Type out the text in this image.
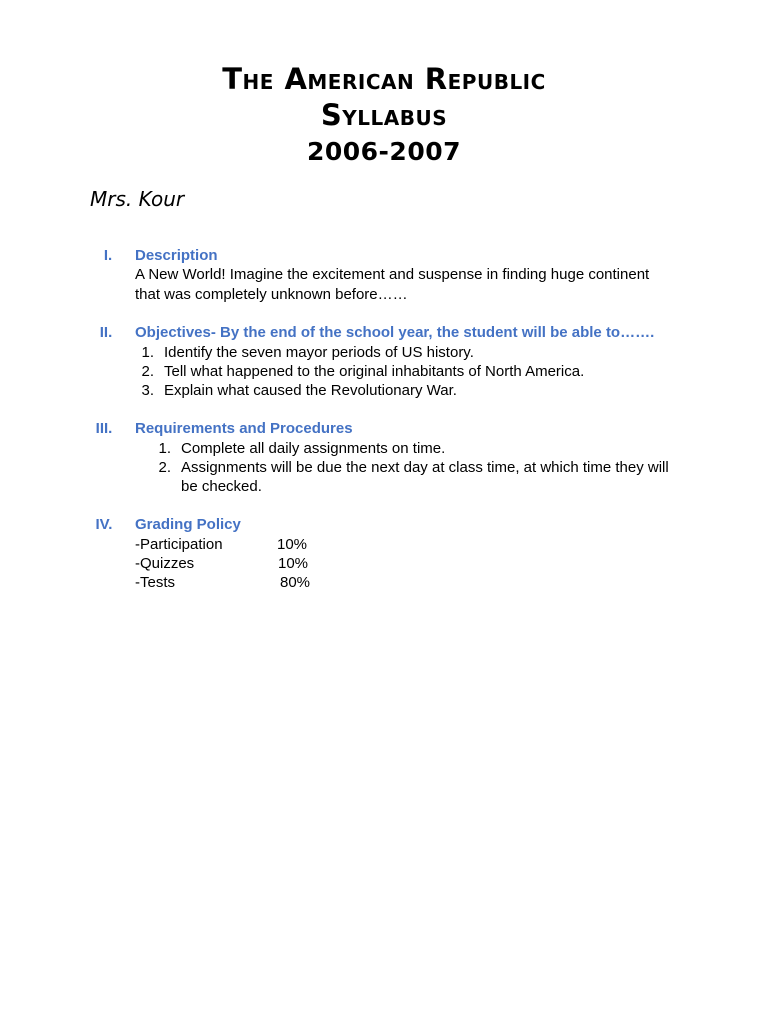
The American Republic
Syllabus
2006-2007
Mrs. Kour
I.	Description
A New World! Imagine the excitement and suspense in finding huge continent
that was completely unknown before……
II.	Objectives- By the end of the school year, the student will be able to…….
1. Identify the seven mayor periods of US history.
2. Tell what happened to the original inhabitants of North America.
3. Explain what caused the Revolutionary War.
III.	Requirements and Procedures
1. Complete all daily assignments on time.
2. Assignments will be due the next day at class time, at which time they will
be checked.
IV.	Grading Policy
-Participation	10%
-Quizzes	10%
-Tests	80%
